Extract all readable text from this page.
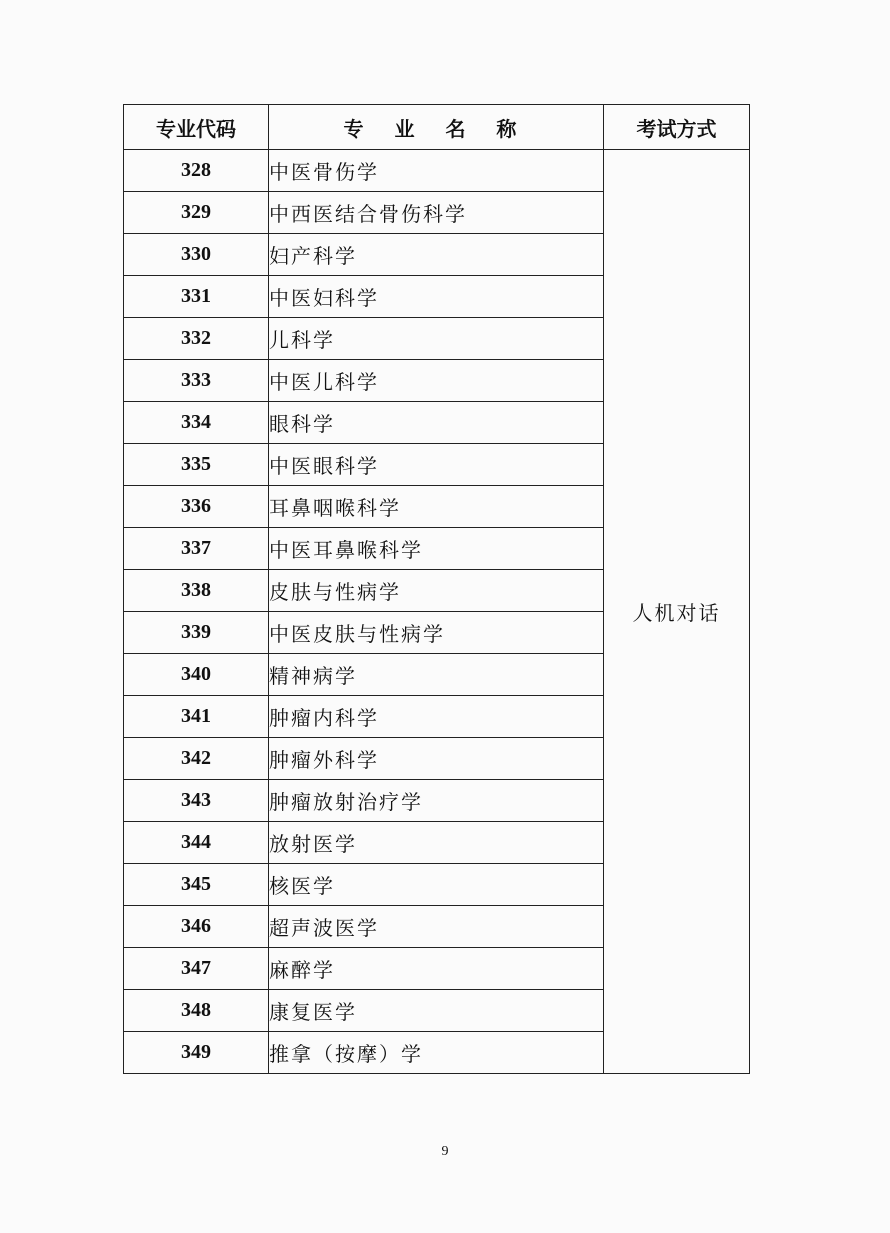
专业代码	专 业 名 称	考试方式
328	中医骨伤学	人机对话
329	中西医结合骨伤科学	
330	妇产科学	
331	中医妇科学	
332	儿科学	
333	中医儿科学	
334	眼科学	
335	中医眼科学	
336	耳鼻咽喉科学	
337	中医耳鼻喉科学	
338	皮肤与性病学	
339	中医皮肤与性病学	
340	精神病学	
341	肿瘤内科学	
342	肿瘤外科学	
343	肿瘤放射治疗学	
344	放射医学	
345	核医学	
346	超声波医学	
347	麻醉学	
348	康复医学	
349	推拿（按摩）学	
9
